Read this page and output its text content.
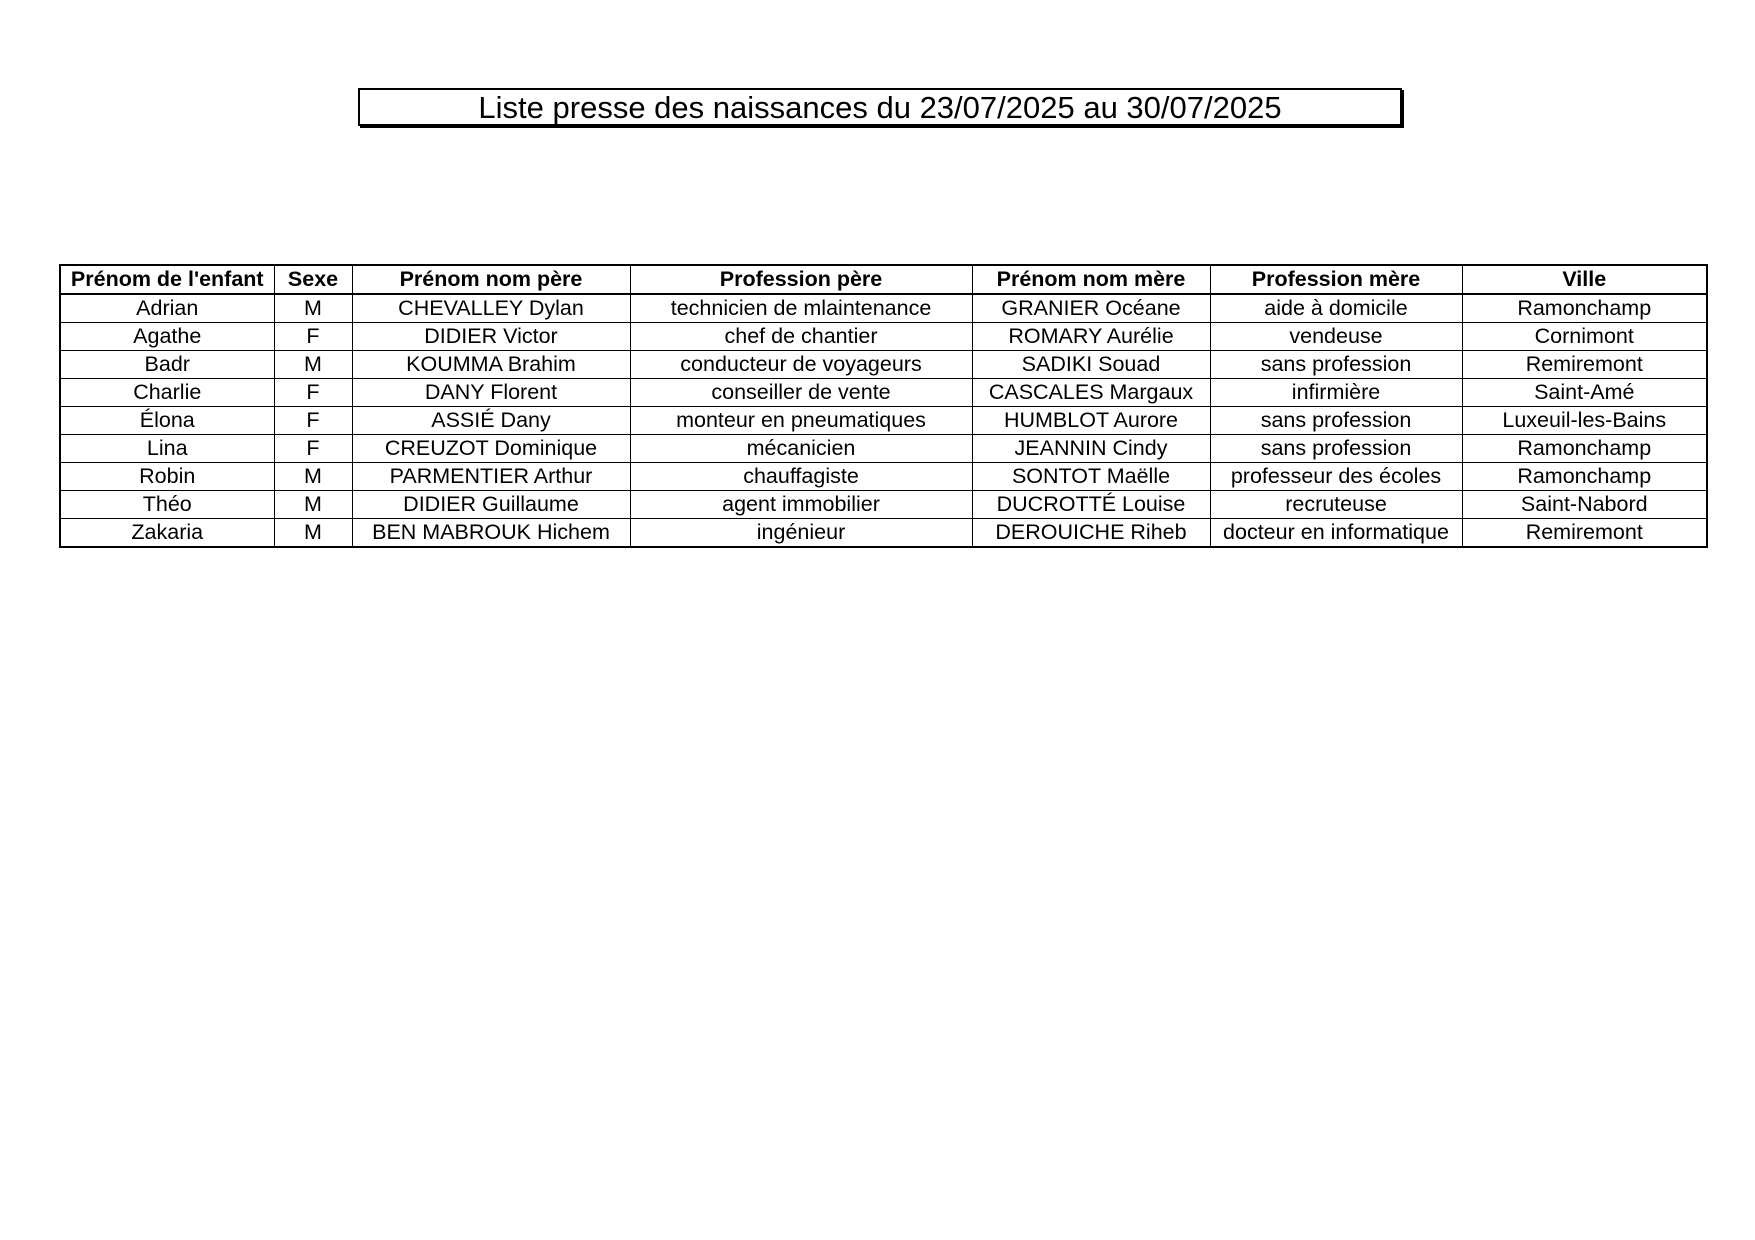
Liste presse des naissances du 23/07/2025 au 30/07/2025
Prénom de l'enfant	Sexe	Prénom nom père	Profession père	Prénom nom mère	Profession mère	Ville
Adrian	M	CHEVALLEY Dylan	technicien de mlaintenance	GRANIER Océane	aide à domicile	Ramonchamp
Agathe	F	DIDIER Victor	chef de chantier	ROMARY Aurélie	vendeuse	Cornimont
Badr	M	KOUMMA Brahim	conducteur de voyageurs	SADIKI Souad	sans profession	Remiremont
Charlie	F	DANY Florent	conseiller de vente	CASCALES Margaux	infirmière	Saint-Amé
Élona	F	ASSIÉ Dany	monteur en pneumatiques	HUMBLOT Aurore	sans profession	Luxeuil-les-Bains
Lina	F	CREUZOT Dominique	mécanicien	JEANNIN Cindy	sans profession	Ramonchamp
Robin	M	PARMENTIER Arthur	chauffagiste	SONTOT Maëlle	professeur des écoles	Ramonchamp
Théo	M	DIDIER Guillaume	agent immobilier	DUCROTTÉ Louise	recruteuse	Saint-Nabord
Zakaria	M	BEN MABROUK Hichem	ingénieur	DEROUICHE Riheb	docteur en informatique	Remiremont
